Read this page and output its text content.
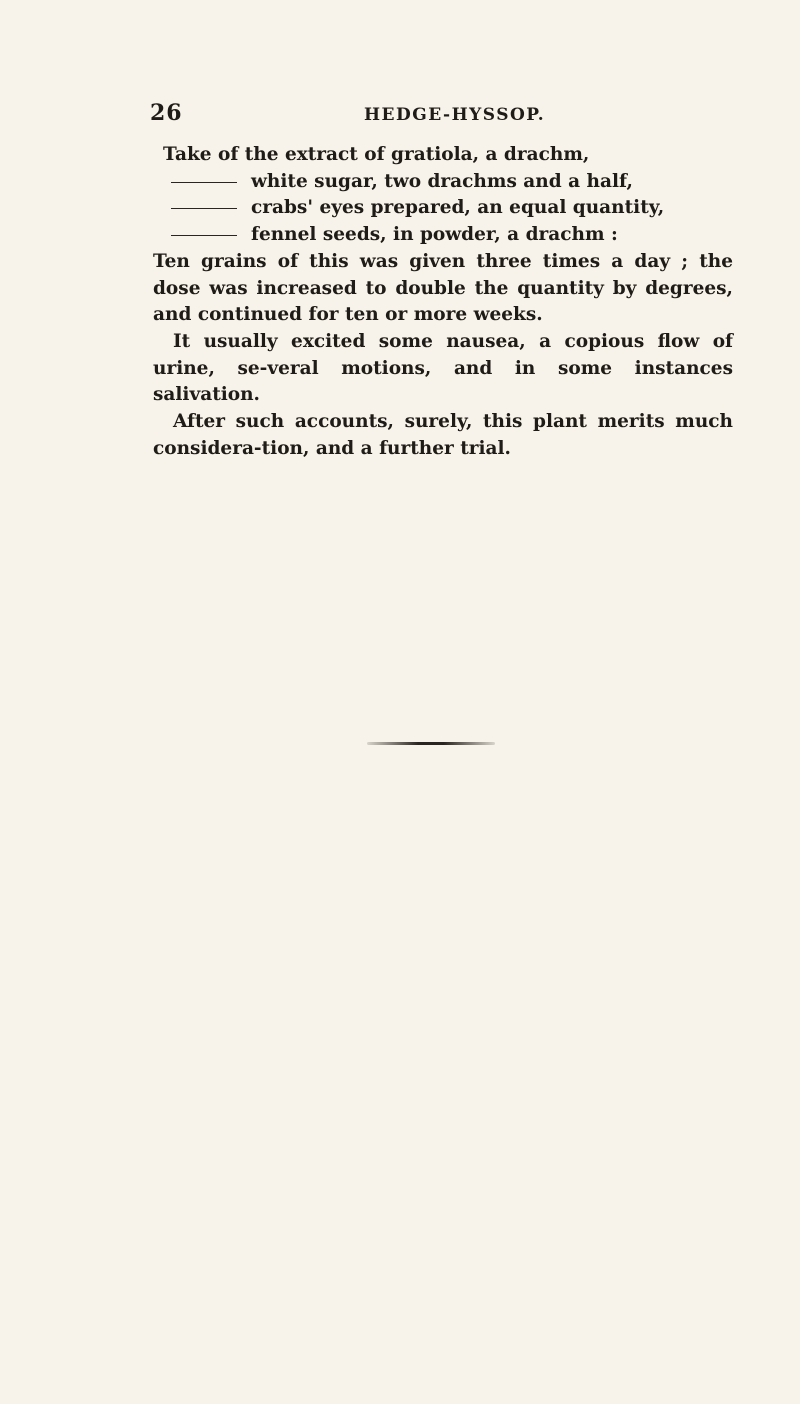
26	HEDGE-HYSSOP.
Take of the extract of gratiola, a drachm,
white sugar, two drachms and a half,
crabs' eyes prepared, an equal quantity,
fennel seeds, in powder, a drachm :

Ten grains of this was given three times a day ; the dose was increased to double the quantity by degrees, and continued for ten or more weeks.

It usually excited some nausea, a copious flow of urine, se-veral motions, and in some instances salivation.

After such accounts, surely, this plant merits much considera-tion, and a further trial.
